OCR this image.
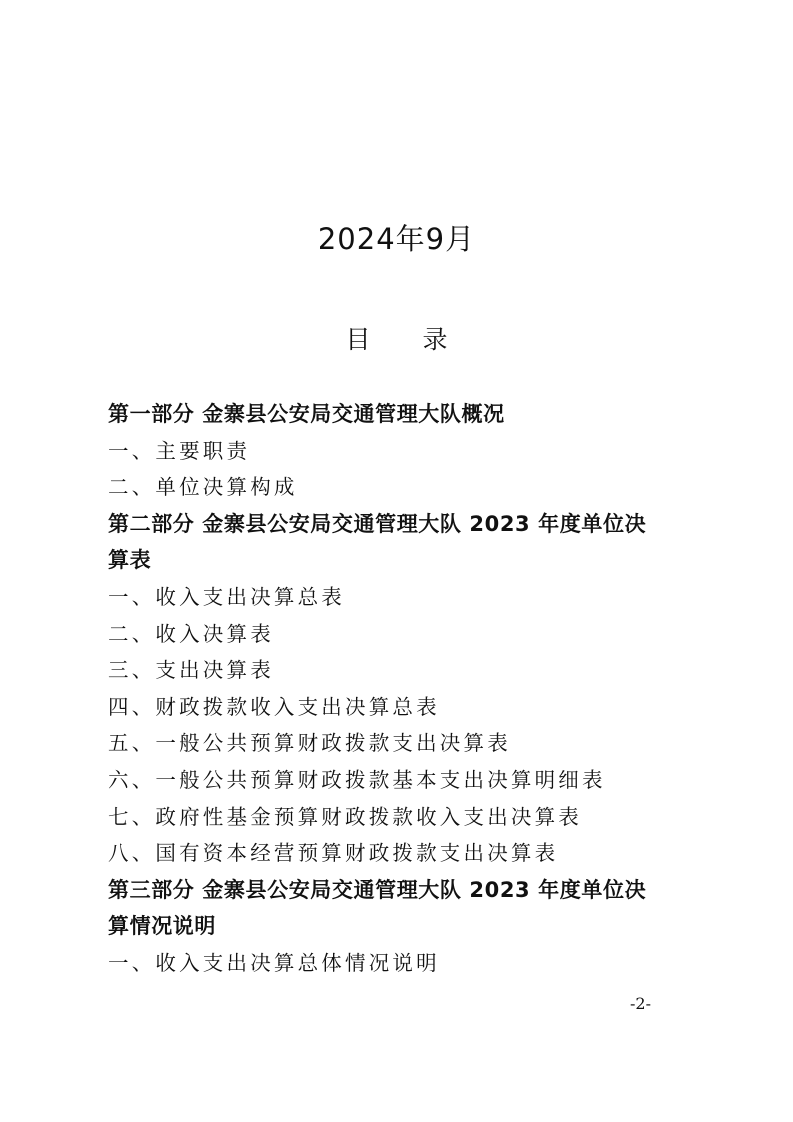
2024年9月
目 录
第一部分 金寨县公安局交通管理大队概况
一、主要职责
二、单位决算构成
第二部分 金寨县公安局交通管理大队 2023 年度单位决
算表
一、收入支出决算总表
二、收入决算表
三、支出决算表
四、财政拨款收入支出决算总表
五、一般公共预算财政拨款支出决算表
六、一般公共预算财政拨款基本支出决算明细表
七、政府性基金预算财政拨款收入支出决算表
八、国有资本经营预算财政拨款支出决算表
第三部分 金寨县公安局交通管理大队 2023 年度单位决
算情况说明
一、收入支出决算总体情况说明
-2-
